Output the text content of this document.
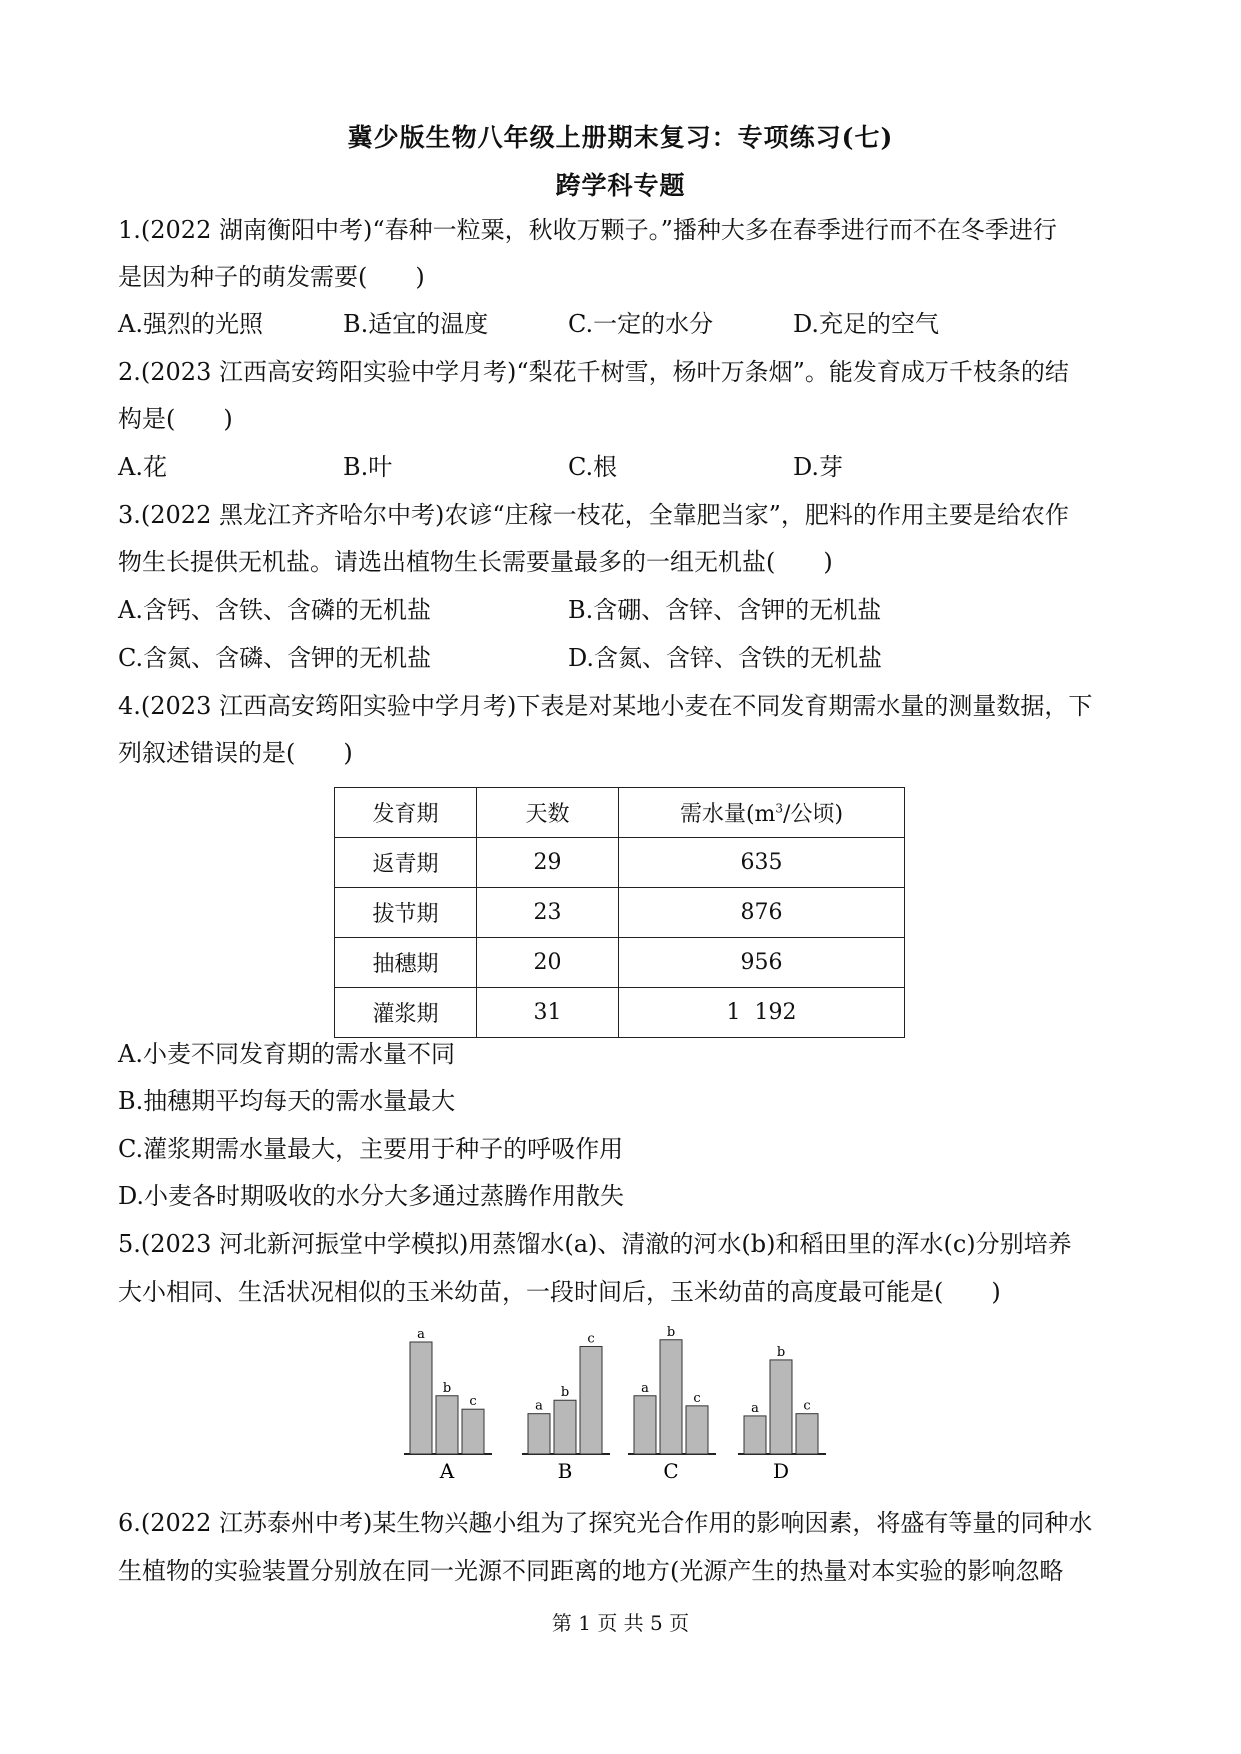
冀少版生物八年级上册期末复习：专项练习(七)
跨学科专题
1.(2022 湖南衡阳中考)“春种一粒粟，秋收万颗子。”播种大多在春季进行而不在冬季进行
是因为种子的萌发需要(　　)
A.强烈的光照	B.适宜的温度	C.一定的水分	D.充足的空气
2.(2023 江西高安筠阳实验中学月考)“梨花千树雪，杨叶万条烟”。能发育成万千枝条的结
构是(　　)
A.花	B.叶	C.根	D.芽
3.(2022 黑龙江齐齐哈尔中考)农谚“庄稼一枝花，全靠肥当家”，肥料的作用主要是给农作
物生长提供无机盐。请选出植物生长需要量最多的一组无机盐(　　)
A.含钙、含铁、含磷的无机盐	B.含硼、含锌、含钾的无机盐
C.含氮、含磷、含钾的无机盐	D.含氮、含锌、含铁的无机盐
4.(2023 江西高安筠阳实验中学月考)下表是对某地小麦在不同发育期需水量的测量数据，下
列叙述错误的是(　　)
发育期	天数	需水量($m^3/$公顷)
返青期	29	635
拔节期	23	876
抽穗期	20	956
灌浆期	31	1  192
A.小麦不同发育期的需水量不同
B.抽穗期平均每天的需水量最大
C.灌浆期需水量最大，主要用于种子的呼吸作用
D.小麦各时期吸收的水分大多通过蒸腾作用散失
5.(2023 河北新河振堂中学模拟)用蒸馏水(a)、清澈的河水(b)和稻田里的浑水(c)分别培养
大小相同、生活状况相似的玉米幼苗，一段时间后，玉米幼苗的高度最可能是(　　)
a
b
c
A
a
b
c
B
a
b
c
C
a
b
c
D
6.(2022 江苏泰州中考)某生物兴趣小组为了探究光合作用的影响因素，将盛有等量的同种水
生植物的实验装置分别放在同一光源不同距离的地方(光源产生的热量对本实验的影响忽略
第 1 页 共 5 页
